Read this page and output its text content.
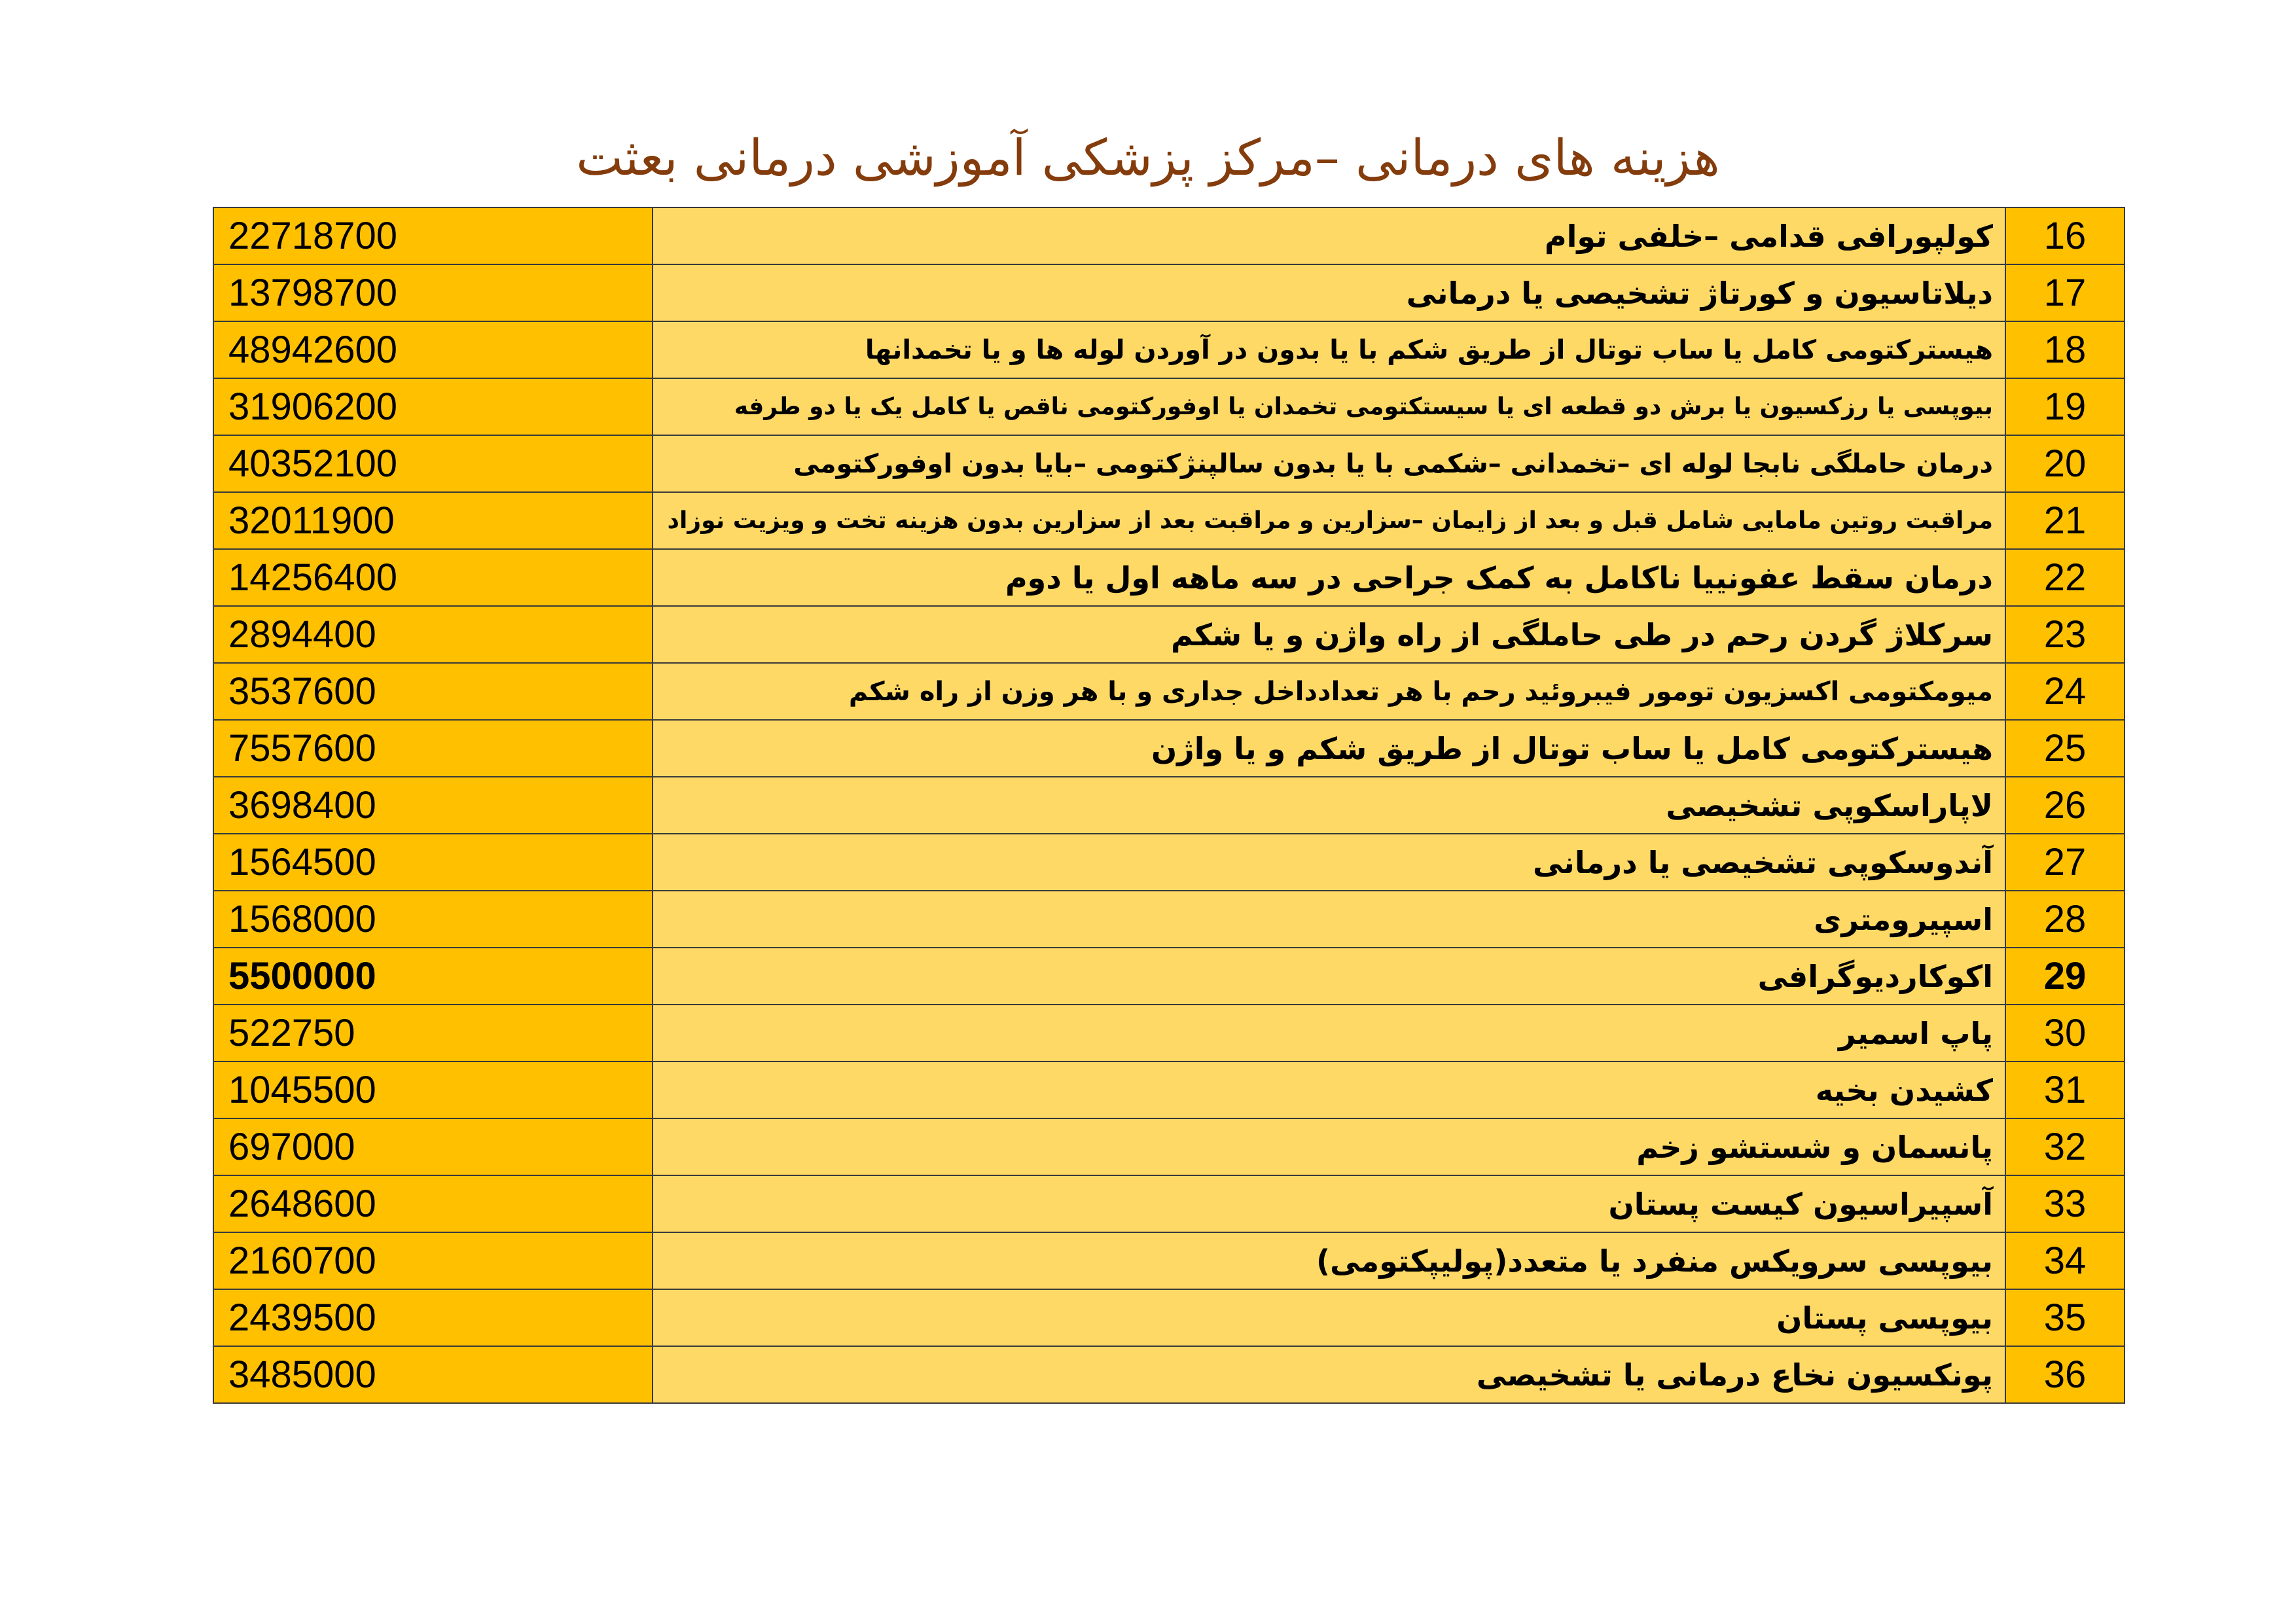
هزینه های درمانی –مرکز پزشکی آموزشی درمانی بعثت
22718700	کولپورافی قدامی –خلفی توام	16
13798700	دیلاتاسیون و کورتاژ تشخیصی یا درمانی	17
48942600	هیسترکتومی کامل یا ساب توتال از طریق شکم با یا بدون در آوردن لوله ها و یا تخمدانها	18
31906200	بیوپسی یا رزکسیون یا برش دو قطعه ای یا سیستکتومی تخمدان یا اوفورکتومی ناقص یا کامل یک یا دو طرفه	19
40352100	درمان حاملگی نابجا لوله ای –تخمدانی –شکمی با یا بدون سالپنژکتومی –بایا بدون اوفورکتومی	20
32011900	مراقبت روتین مامایی شامل قبل و بعد از زایمان –سزارین و مراقبت بعد از سزارین بدون هزینه تخت و ویزیت نوزاد	21
14256400	درمان سقط عفونییا ناکامل به کمک جراحی در سه ماهه اول یا دوم	22
2894400	سرکلاژ گردن رحم در طی حاملگی از راه واژن و یا شکم	23
3537600	میومکتومی اکسزیون تومور فیبروئید رحم با هر تعدادداخل جداری و با هر وزن از راه شکم	24
7557600	هیسترکتومی کامل یا ساب توتال از طریق شکم و یا واژن	25
3698400	لاپاراسکوپی تشخیصی	26
1564500	آندوسکوپی تشخیصی یا درمانی	27
1568000	اسپیرومتری	28
5500000	اکوکاردیوگرافی	29
522750	پاپ اسمیر	30
1045500	کشیدن بخیه	31
697000	پانسمان و شستشو زخم	32
2648600	آسپیراسیون کیست پستان	33
2160700	بیوپسی سرویکس منفرد یا متعدد(پولیپکتومی)	34
2439500	بیوپسی پستان	35
3485000	پونکسیون نخاع درمانی یا تشخیصی	36
